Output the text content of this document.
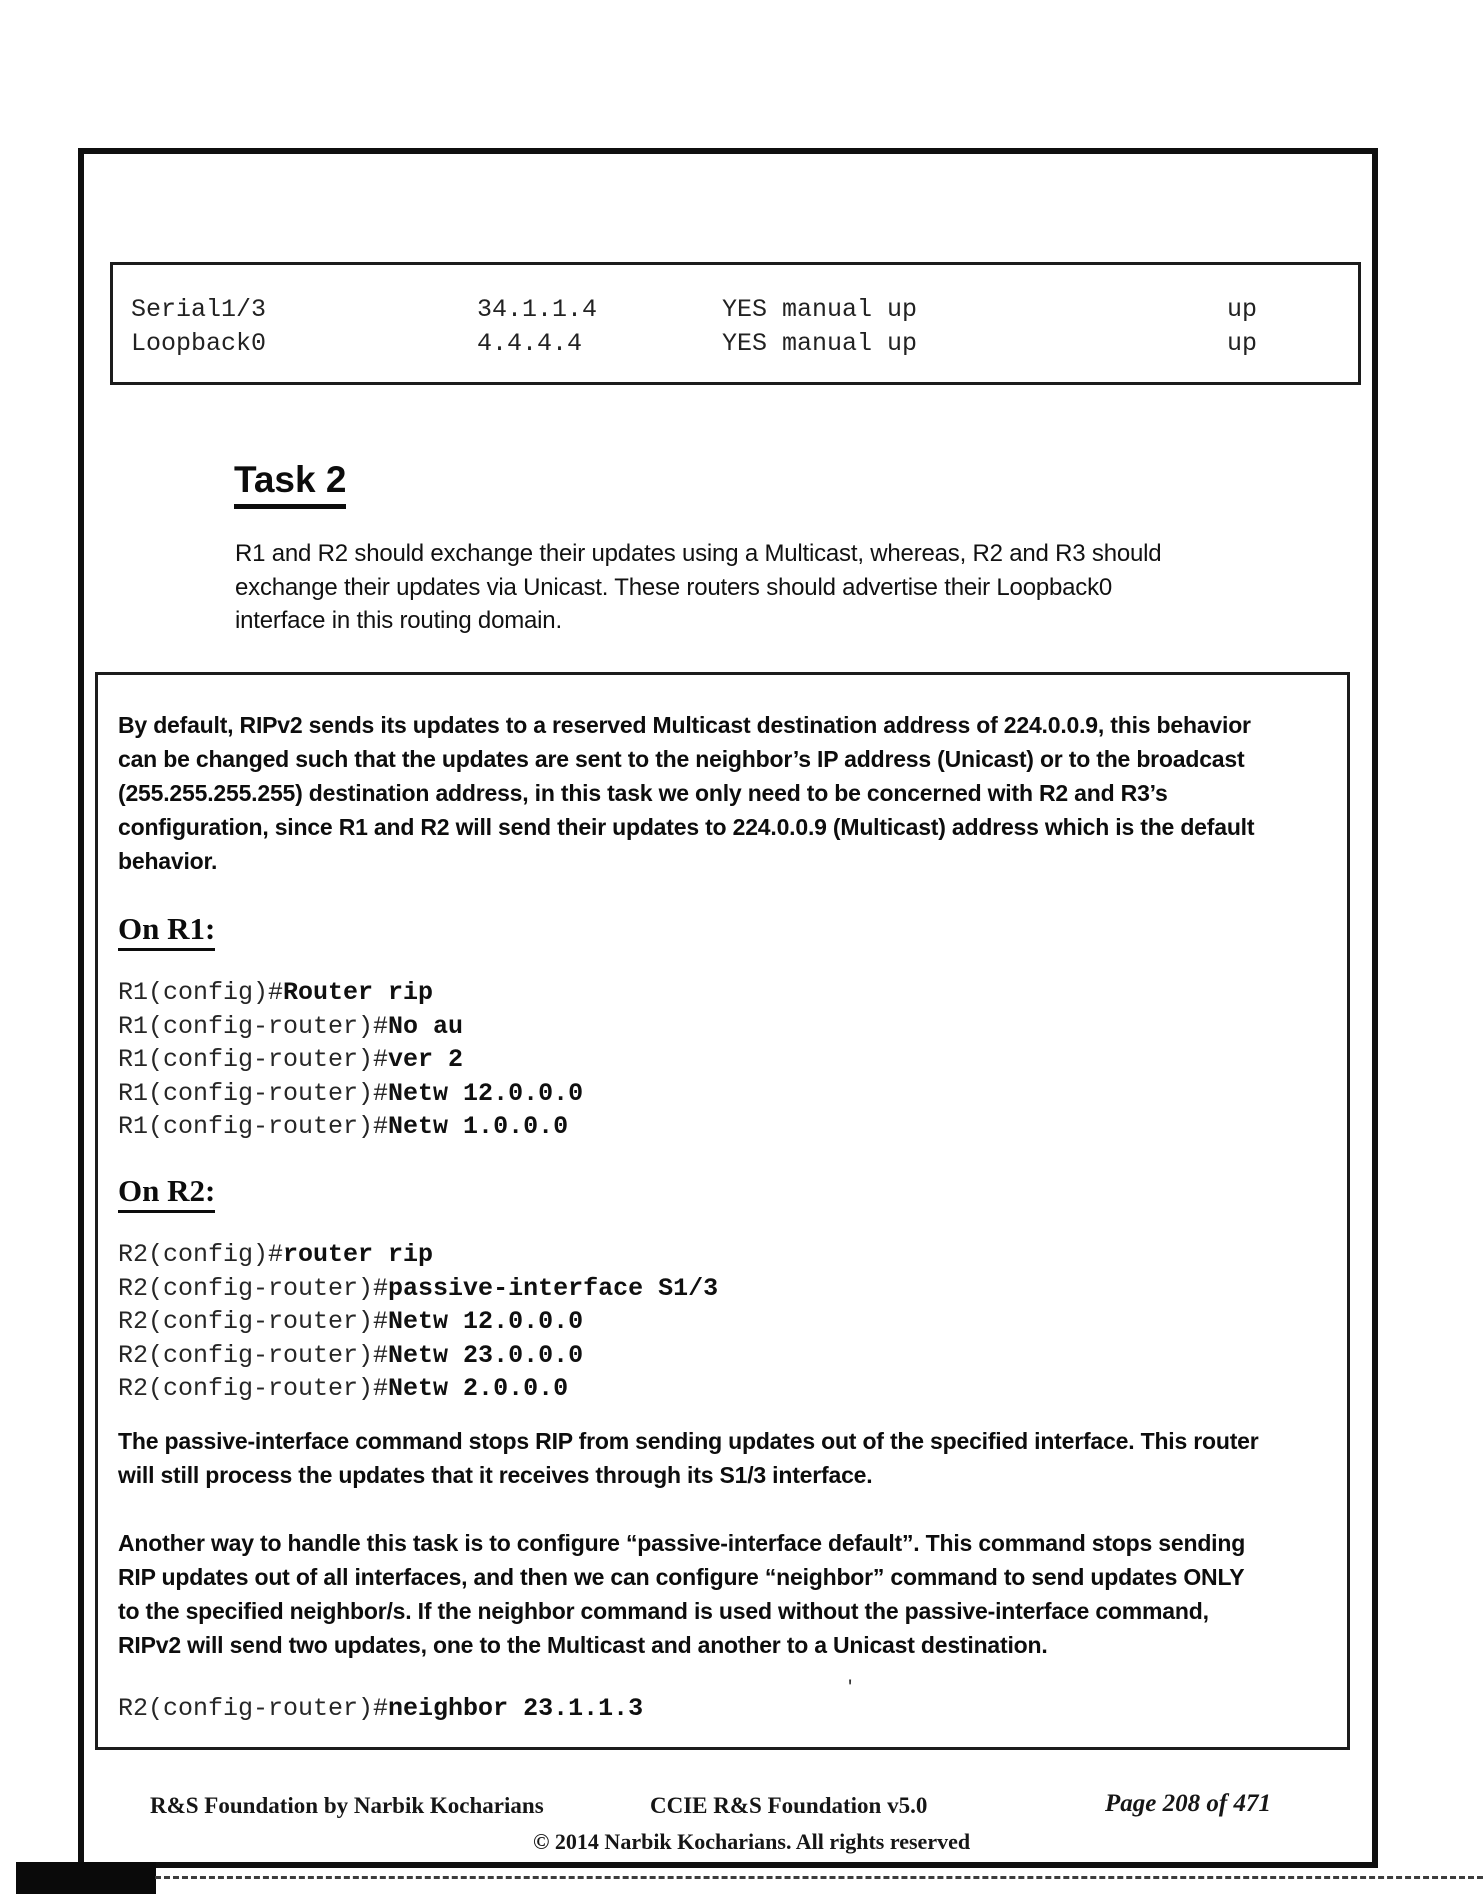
Serial1/3	34.1.1.4	YES manual up	up
Loopback0	4.4.4.4	YES manual up	up
Task 2
R1 and R2 should exchange their updates using a Multicast, whereas, R2 and R3 should
exchange their updates via Unicast. These routers should advertise their Loopback0
interface in this routing domain.
By default, RIPv2 sends its updates to a reserved Multicast destination address of 224.0.0.9, this behavior
can be changed such that the updates are sent to the neighbor’s IP address (Unicast) or to the broadcast
(255.255.255.255) destination address, in this task we only need to be concerned with R2 and R3’s
configuration, since R1 and R2 will send their updates to 224.0.0.9 (Multicast) address which is the default
behavior.
On R1:
R1(config)#Router rip
R1(config-router)#No au
R1(config-router)#ver 2
R1(config-router)#Netw 12.0.0.0
R1(config-router)#Netw 1.0.0.0
On R2:
R2(config)#router rip
R2(config-router)#passive-interface S1/3
R2(config-router)#Netw 12.0.0.0
R2(config-router)#Netw 23.0.0.0
R2(config-router)#Netw 2.0.0.0
The passive-interface command stops RIP from sending updates out of the specified interface. This router
will still process the updates that it receives through its S1/3 interface.
Another way to handle this task is to configure “passive-interface default”. This command stops sending
RIP updates out of all interfaces, and then we can configure “neighbor” command to send updates ONLY
to the specified neighbor/s. If the neighbor command is used without the passive-interface command,
RIPv2 will send two updates, one to the Multicast and another to a Unicast destination.
R2(config-router)#neighbor 23.1.1.3
'
R&S Foundation by Narbik Kocharians	CCIE R&S Foundation v5.0	Page 208 of 471
© 2014 Narbik Kocharians. All rights reserved
